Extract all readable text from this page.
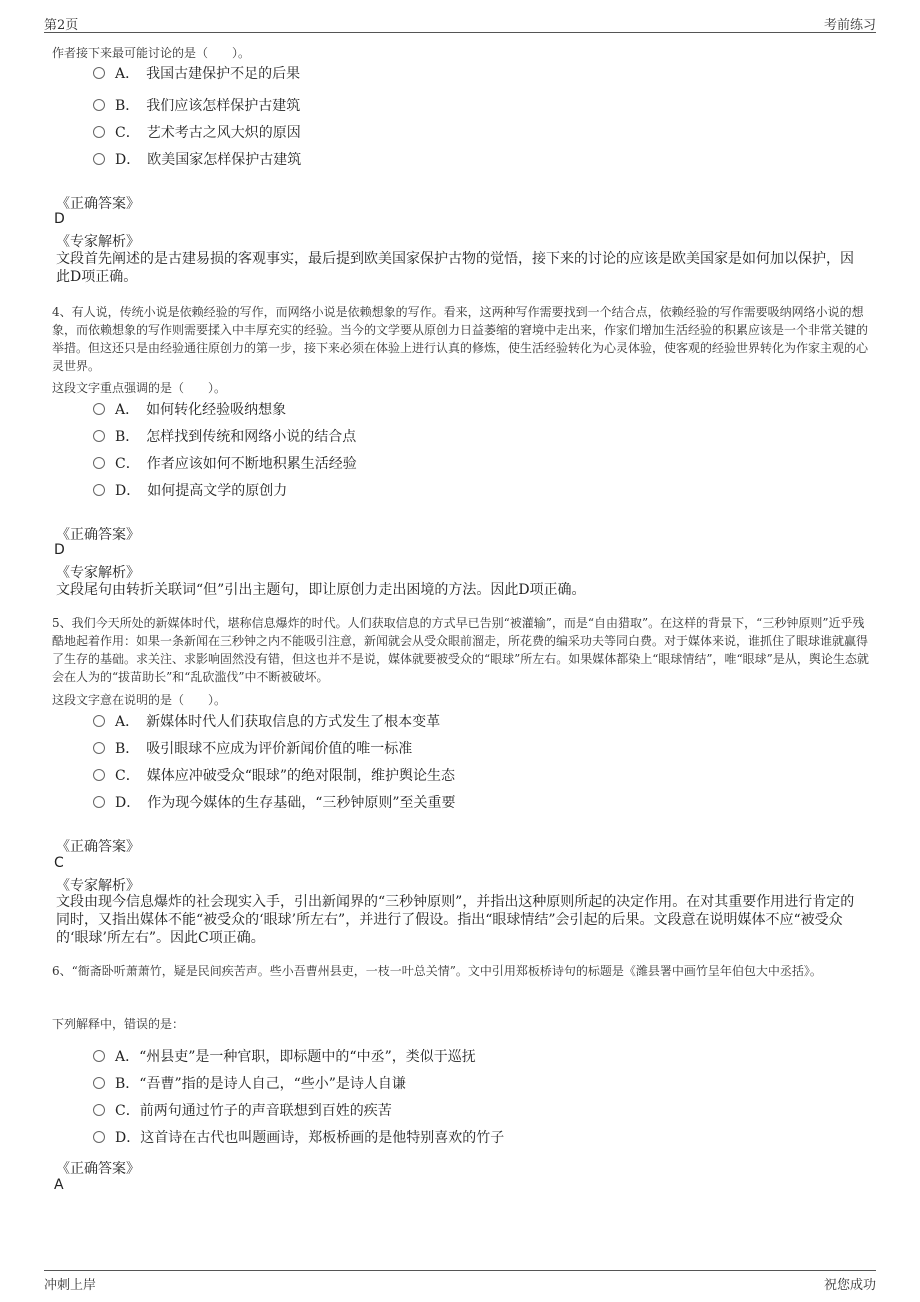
第2页	考前练习
作者接下来最可能讨论的是（　　）。
A．　我国古建保护不足的后果
B．　我们应该怎样保护古建筑
C．　艺术考古之风大炽的原因
D．　欧美国家怎样保护古建筑
《正确答案》
D
《专家解析》
文段首先阐述的是古建易损的客观事实，最后提到欧美国家保护古物的觉悟，接下来的讨论的应该是欧美国家是如何加以保护，因此D项正确。
4、有人说，传统小说是依赖经验的写作，而网络小说是依赖想象的写作。看来，这两种写作需要找到一个结合点，依赖经验的写作需要吸纳网络小说的想象，而依赖想象的写作则需要揉入中丰厚充实的经验。当今的文学要从原创力日益萎缩的窘境中走出来，作家们增加生活经验的积累应该是一个非常关键的举措。但这还只是由经验通往原创力的第一步，接下来必须在体验上进行认真的修炼，使生活经验转化为心灵体验，使客观的经验世界转化为作家主观的心灵世界。
这段文字重点强调的是（　　）。
A．　如何转化经验吸纳想象
B．　怎样找到传统和网络小说的结合点
C．　作者应该如何不断地积累生活经验
D．　如何提高文学的原创力
《正确答案》
D
《专家解析》
文段尾句由转折关联词“但”引出主题句，即让原创力走出困境的方法。因此D项正确。
5、我们今天所处的新媒体时代，堪称信息爆炸的时代。人们获取信息的方式早已告别“被灌输”，而是“自由猎取”。在这样的背景下，“三秒钟原则”近乎残酷地起着作用：如果一条新闻在三秒钟之内不能吸引注意，新闻就会从受众眼前溜走，所花费的编采功夫等同白费。对于媒体来说，谁抓住了眼球谁就赢得了生存的基础。求关注、求影响固然没有错，但这也并不是说，媒体就要被受众的“眼球”所左右。如果媒体都染上“眼球情结”，唯“眼球”是从，舆论生态就会在人为的“拔苗助长”和“乱砍滥伐”中不断被破坏。
这段文字意在说明的是（　　）。
A．　新媒体时代人们获取信息的方式发生了根本变革
B．　吸引眼球不应成为评价新闻价值的唯一标准
C．　媒体应冲破受众“眼球”的绝对限制，维护舆论生态
D．　作为现今媒体的生存基础，“三秒钟原则”至关重要
《正确答案》
C
《专家解析》
文段由现今信息爆炸的社会现实入手，引出新闻界的“三秒钟原则”，并指出这种原则所起的决定作用。在对其重要作用进行肯定的同时，又指出媒体不能“被受众的‘眼球’所左右”，并进行了假设。指出“眼球情结”会引起的后果。文段意在说明媒体不应“被受众的‘眼球’所左右”。因此C项正确。
6、“衙斋卧听萧萧竹，疑是民间疾苦声。些小吾曹州县吏，一枝一叶总关情”。文中引用郑板桥诗句的标题是《潍县署中画竹呈年伯包大中丞括》。
下列解释中，错误的是：
A．“州县吏”是一种官职，即标题中的“中丞”，类似于巡抚
B．“吾曹”指的是诗人自己，“些小”是诗人自谦
C．前两句通过竹子的声音联想到百姓的疾苦
D．这首诗在古代也叫题画诗，郑板桥画的是他特别喜欢的竹子
《正确答案》
A
冲刺上岸	祝您成功
